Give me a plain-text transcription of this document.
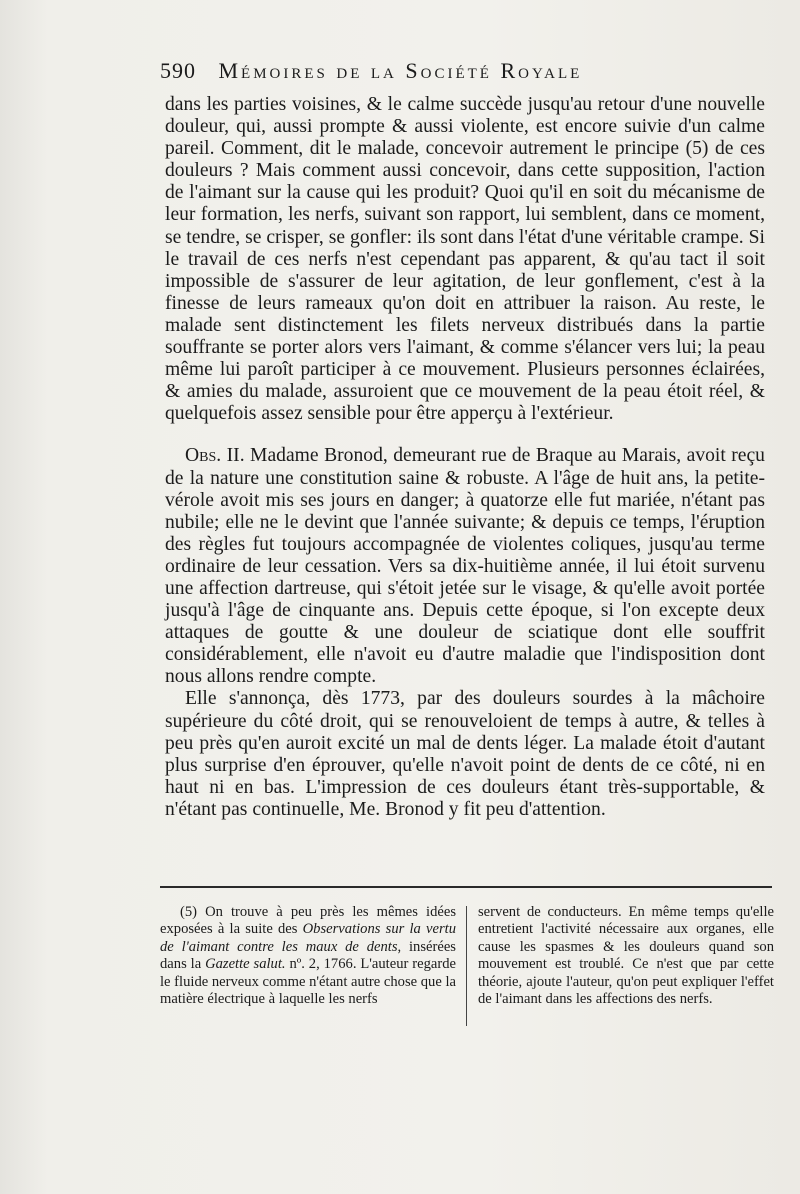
590 Mémoires de la Société Royale

dans les parties voisines, & le calme succède jusqu'au retour d'une nouvelle douleur, qui, aussi prompte & aussi violente, est encore suivie d'un calme pareil. Comment, dit le malade, concevoir autrement le principe (5) de ces douleurs ? Mais comment aussi concevoir, dans cette supposition, l'action de l'aimant sur la cause qui les produit? Quoi qu'il en soit du mécanisme de leur formation, les nerfs, suivant son rapport, lui semblent, dans ce moment, se tendre, se crisper, se gonfler: ils sont dans l'état d'une véritable crampe. Si le travail de ces nerfs n'est cependant pas apparent, & qu'au tact il soit impossible de s'assurer de leur agitation, de leur gonflement, c'est à la finesse de leurs rameaux qu'on doit en attribuer la raison. Au reste, le malade sent distinctement les filets nerveux distribués dans la partie souffrante se porter alors vers l'aimant, & comme s'élancer vers lui; la peau même lui paroît participer à ce mouvement. Plusieurs personnes éclairées, & amies du malade, assuroient que ce mouvement de la peau étoit réel, & quelquefois assez sensible pour être apperçu à l'extérieur.

Obs. II. Madame Bronod, demeurant rue de Braque au Marais, avoit reçu de la nature une constitution saine & robuste. A l'âge de huit ans, la petite-vérole avoit mis ses jours en danger; à quatorze elle fut mariée, n'étant pas nubile; elle ne le devint que l'année suivante; & depuis ce temps, l'éruption des règles fut toujours accompagnée de violentes coliques, jusqu'au terme ordinaire de leur cessation. Vers sa dix-huitième année, il lui étoit survenu une affection dartreuse, qui s'étoit jetée sur le visage, & qu'elle avoit portée jusqu'à l'âge de cinquante ans. Depuis cette époque, si l'on excepte deux attaques de goutte & une douleur de sciatique dont elle souffrit considérablement, elle n'avoit eu d'autre maladie que l'indisposition dont nous allons rendre compte.

Elle s'annonça, dès 1773, par des douleurs sourdes à la mâchoire supérieure du côté droit, qui se renouveloient de temps à autre, & telles à peu près qu'en auroit excité un mal de dents léger. La malade étoit d'autant plus surprise d'en éprouver, qu'elle n'avoit point de dents de ce côté, ni en haut ni en bas. L'impression de ces douleurs étant très-supportable, & n'étant pas continuelle, Me. Bronod y fit peu d'attention.

(5) On trouve à peu près les mêmes idées exposées à la suite des Observations sur la vertu de l'aimant contre les maux de dents, insérées dans la Gazette salut. nº. 2, 1766. L'auteur regarde le fluide nerveux comme n'étant autre chose que la matière électrique à laquelle les nerfs

servent de conducteurs. En même temps qu'elle entretient l'activité nécessaire aux organes, elle cause les spasmes & les douleurs quand son mouvement est troublé. Ce n'est que par cette théorie, ajoute l'auteur, qu'on peut expliquer l'effet de l'aimant dans les affections des nerfs.
